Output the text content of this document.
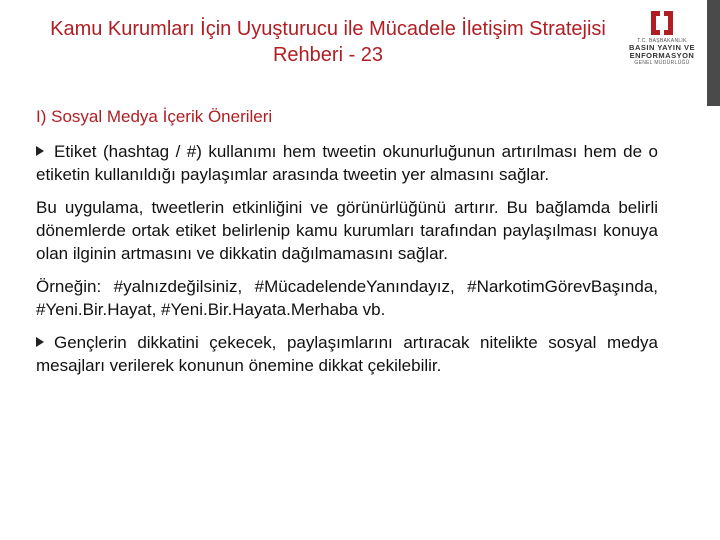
Kamu Kurumları İçin Uyuşturucu ile Mücadele İletişim Stratejisi Rehberi - 23
T.C. BAŞBAKANLIK
BASIN YAYIN VE
ENFORMASYON
GENEL MÜDÜRLÜĞÜ
I) Sosyal Medya İçerik Önerileri

Etiket (hashtag / #) kullanımı hem tweetin okunurluğunun artırılması hem de o etiketin kullanıldığı paylaşımlar arasında tweetin yer almasını sağlar.

Bu uygulama, tweetlerin etkinliğini ve görünürlüğünü artırır. Bu bağlamda belirli dönemlerde ortak etiket belirlenip kamu kurumları tarafından paylaşılması konuya olan ilginin artmasını ve dikkatin dağılmamasını sağlar.

Örneğin: #yalnızdeğilsiniz, #MücadelendeYanındayız, #NarkotimGörevBaşında, #Yeni.Bir.Hayat, #Yeni.Bir.Hayata.Merhaba vb.

Gençlerin dikkatini çekecek, paylaşımlarını artıracak nitelikte sosyal medya mesajları verilerek konunun önemine dikkat çekilebilir.
